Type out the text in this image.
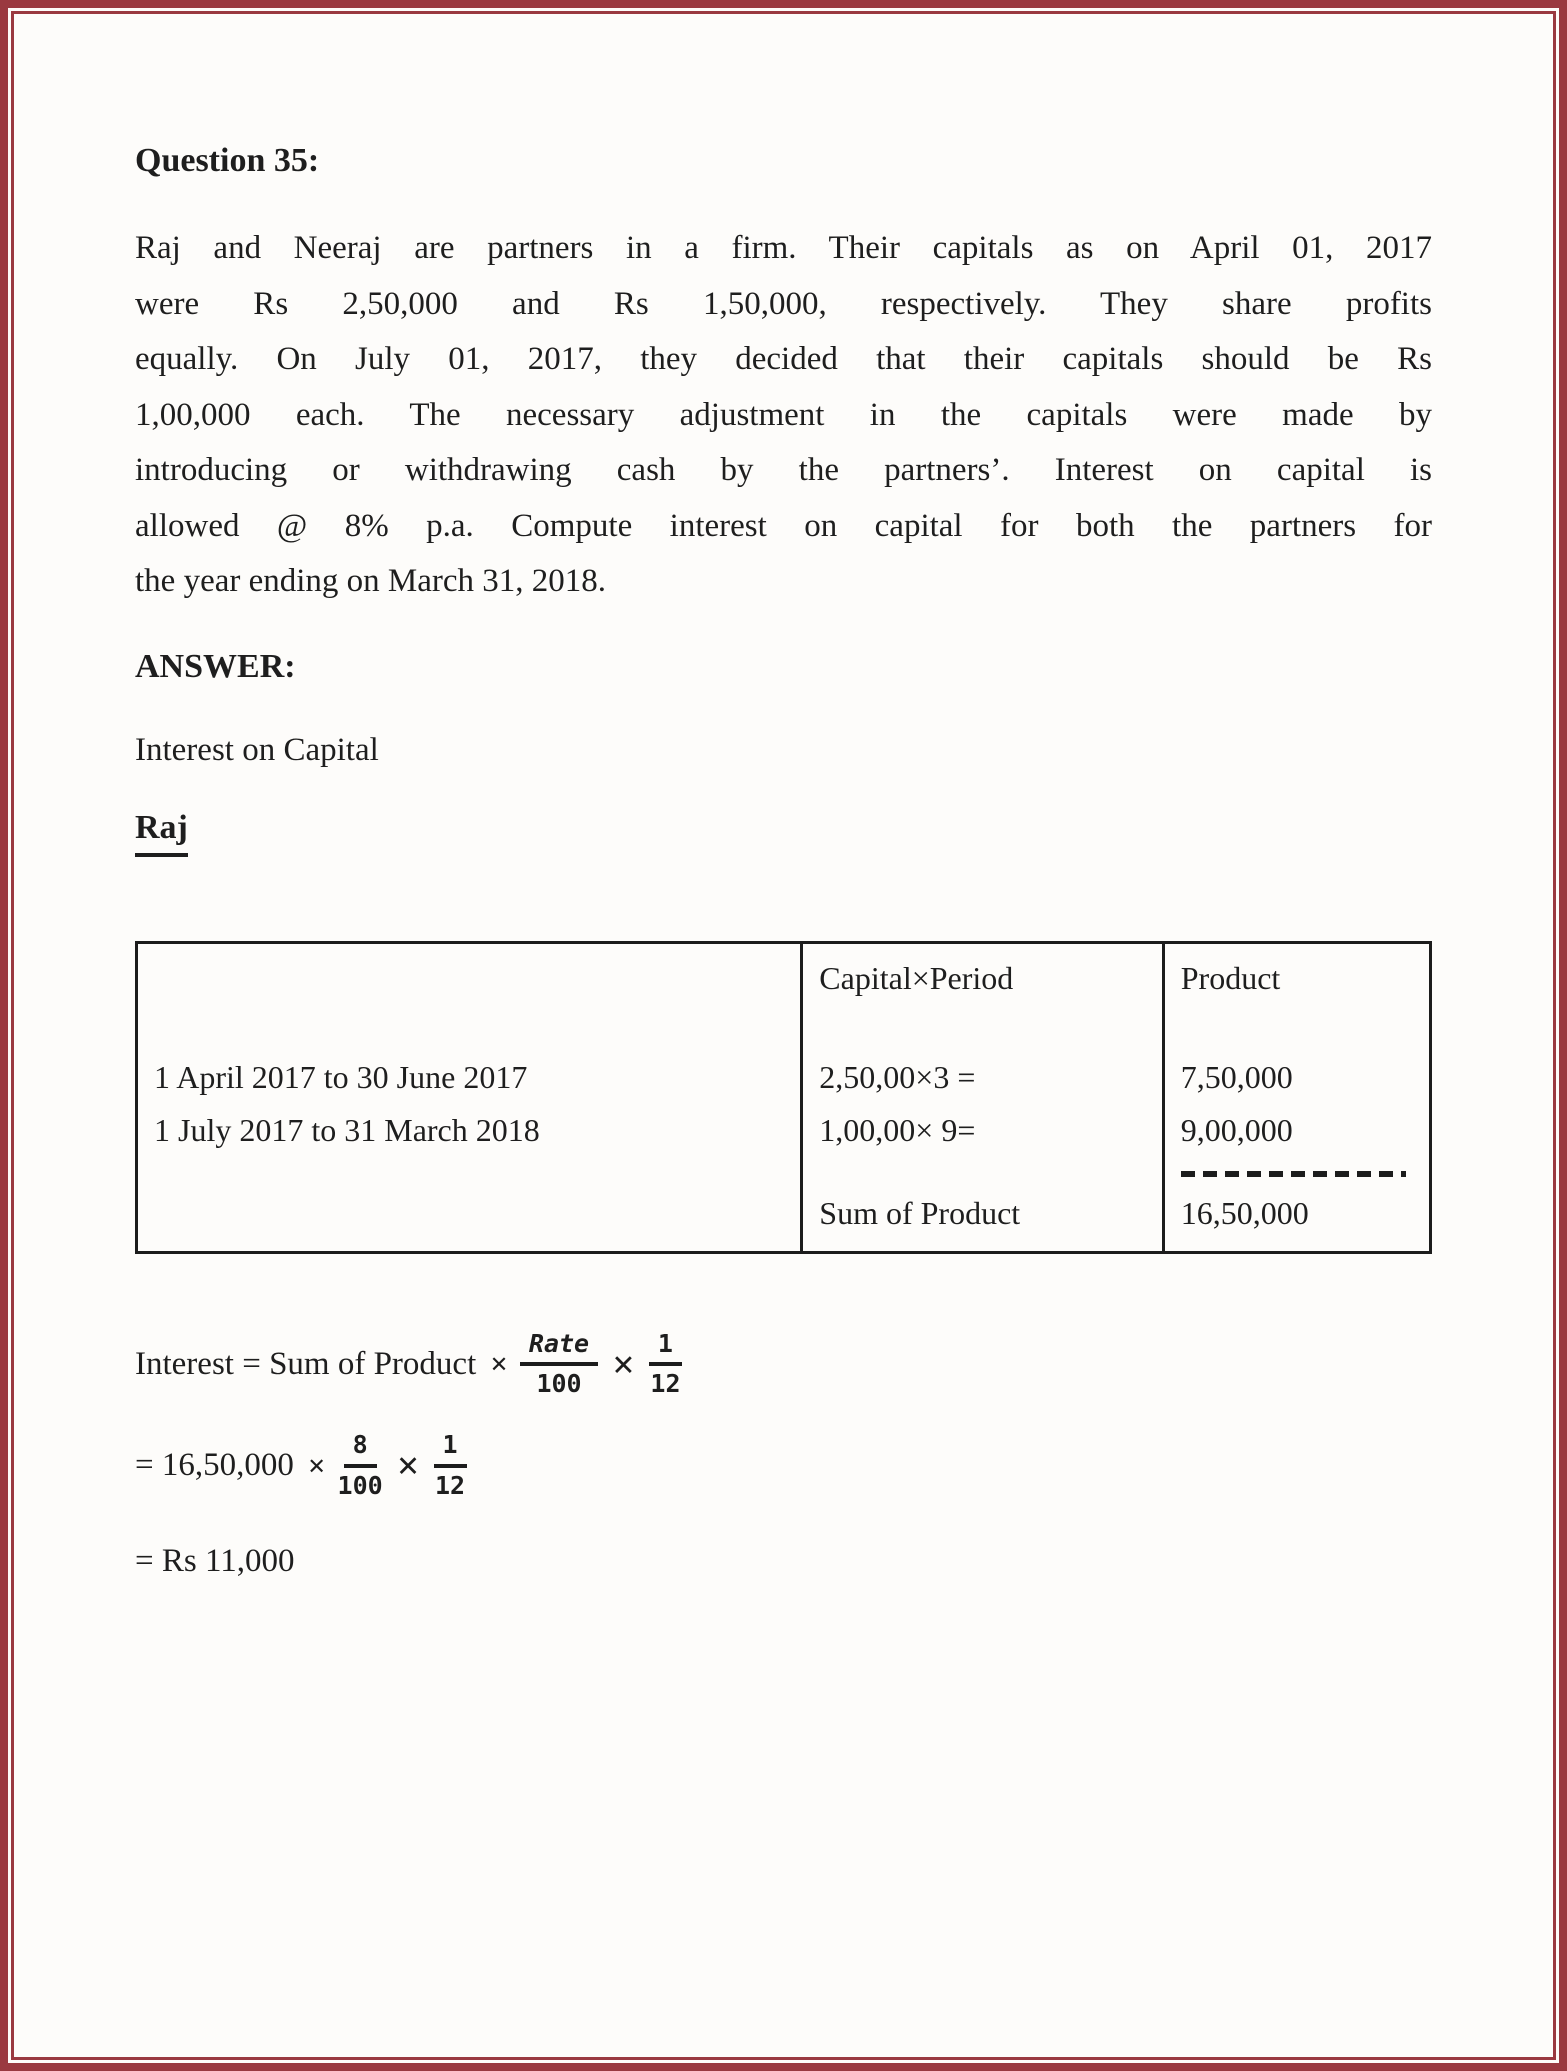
Question 35:
Raj and Neeraj are partners in a firm. Their capitals as on April 01, 2017
were Rs 2,50,000 and Rs 1,50,000, respectively. They share profits
equally. On July 01, 2017, they decided that their capitals should be Rs
1,00,000 each. The necessary adjustment in the capitals were made by
introducing or withdrawing cash by the partners’. Interest on capital is
allowed @ 8% p.a. Compute interest on capital for both the partners for
the year ending on March 31, 2018.
ANSWER:
Interest on Capital
Raj
1 April 2017 to 30 June 2017
1 July 2017 to 31 March 2018
Capital×Period
2,50,00×3 =
1,00,00× 9=
Sum of Product
Product
7,50,000
9,00,000
16,50,000
Interest = Sum of Product × $\frac{\text{Rate}}{100} \times \frac{1}{12}$
= $16,50,000 \times \frac{8}{100} \times \frac{1}{12}$
= Rs 11,000
